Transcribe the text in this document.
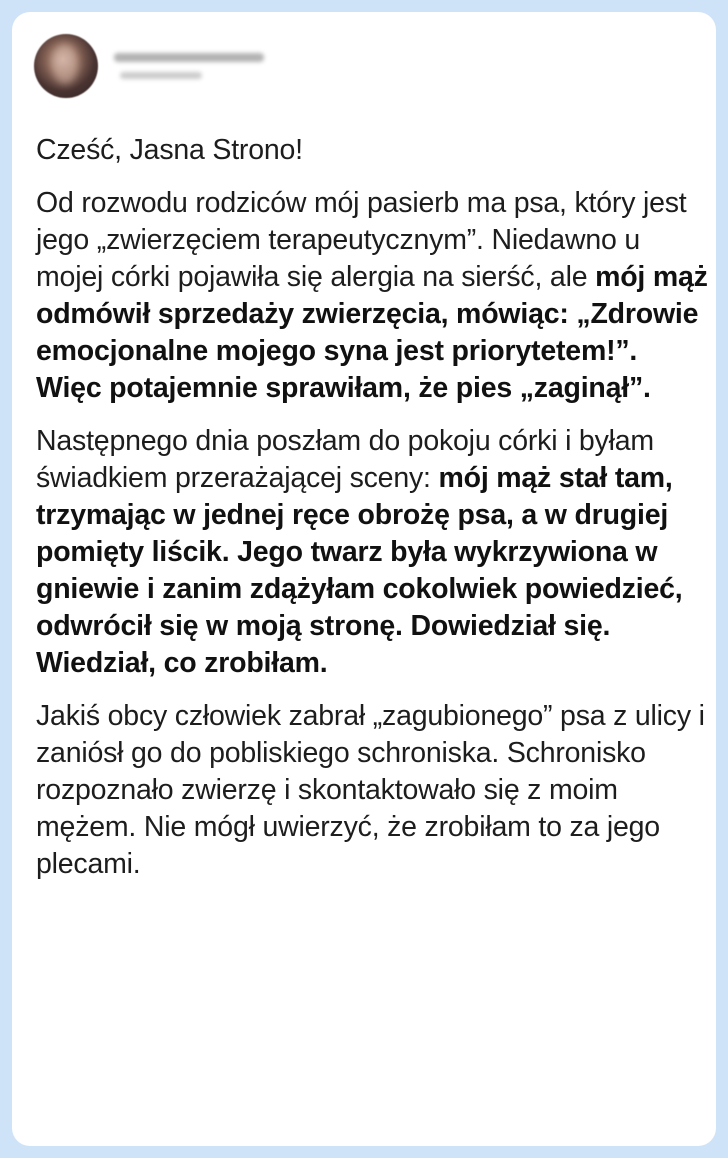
Cześć, Jasna Strono!

Od rozwodu rodziców mój pasierb ma psa, który jest jego „zwierzęciem terapeutycznym”. Niedawno u mojej córki pojawiła się alergia na sierść, ale mój mąż odmówił sprzedaży zwierzęcia, mówiąc: „Zdrowie emocjonalne mojego syna jest priorytetem!”. Więc potajemnie sprawiłam, że pies „zaginął”.

Następnego dnia poszłam do pokoju córki i byłam świadkiem przerażającej sceny: mój mąż stał tam, trzymając w jednej ręce obrożę psa, a w drugiej pomięty liścik. Jego twarz była wykrzywiona w gniewie i zanim zdążyłam cokolwiek powiedzieć, odwrócił się w moją stronę. Dowiedział się. Wiedział, co zrobiłam.

Jakiś obcy człowiek zabrał „zagubionego” psa z ulicy i zaniósł go do pobliskiego schroniska. Schronisko rozpoznało zwierzę i skontaktowało się z moim mężem. Nie mógł uwierzyć, że zrobiłam to za jego plecami.
